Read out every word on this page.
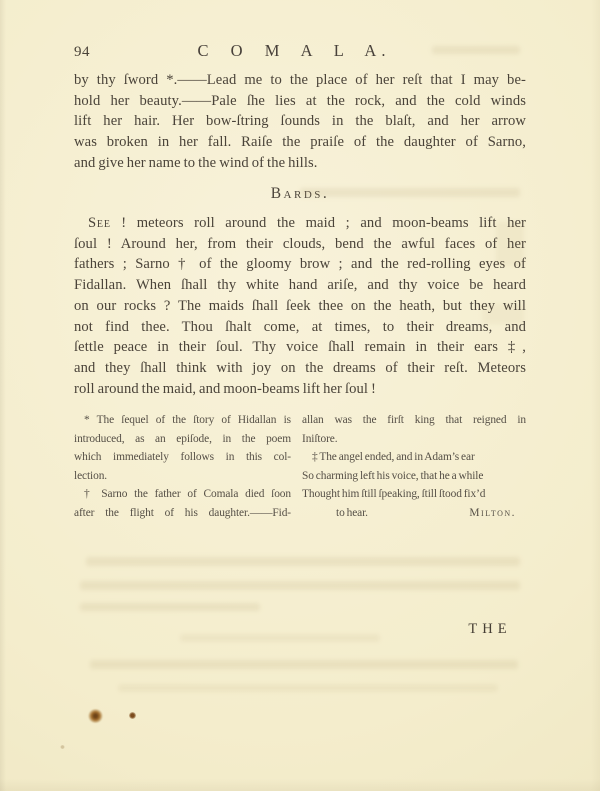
94	C O M A L A.
by thy ſword *.——Lead me to the place of her reſt that I may be-
hold her beauty.——Pale ſhe lies at the rock, and the cold winds
lift her hair. Her bow-ſtring ſounds in the blaſt, and her arrow
was broken in her fall. Raiſe the praiſe of the daughter of Sarno,
and give her name to the wind of the hills.
Bards.
See ! meteors roll around the maid ; and moon-beams lift her
ſoul ! Around her, from their clouds, bend the awful faces of her
fathers ; Sarno † of the gloomy brow ; and the red-rolling eyes of
Fidallan. When ſhall thy white hand ariſe, and thy voice be heard
on our rocks ? The maids ſhall ſeek thee on the heath, but they will
not find thee. Thou ſhalt come, at times, to their dreams, and
ſettle peace in their ſoul. Thy voice ſhall remain in their ears ‡,
and they ſhall think with joy on the dreams of their reſt. Meteors
roll around the maid, and moon-beams lift her ſoul !
* The ſequel of the ſtory of Hidallan is
introduced, as an epiſode, in the poem
which immediately follows in this col-
lection.
† Sarno the father of Comala died ſoon
after the flight of his daughter.——Fid-
allan was the firſt king that reigned in
Iniſtore.
‡ The angel ended, and in Adam’s ear
So charming left his voice, that he a while
Thought him ſtill ſpeaking, ſtill ſtood fix’d
to hear.	Milton.
THE
